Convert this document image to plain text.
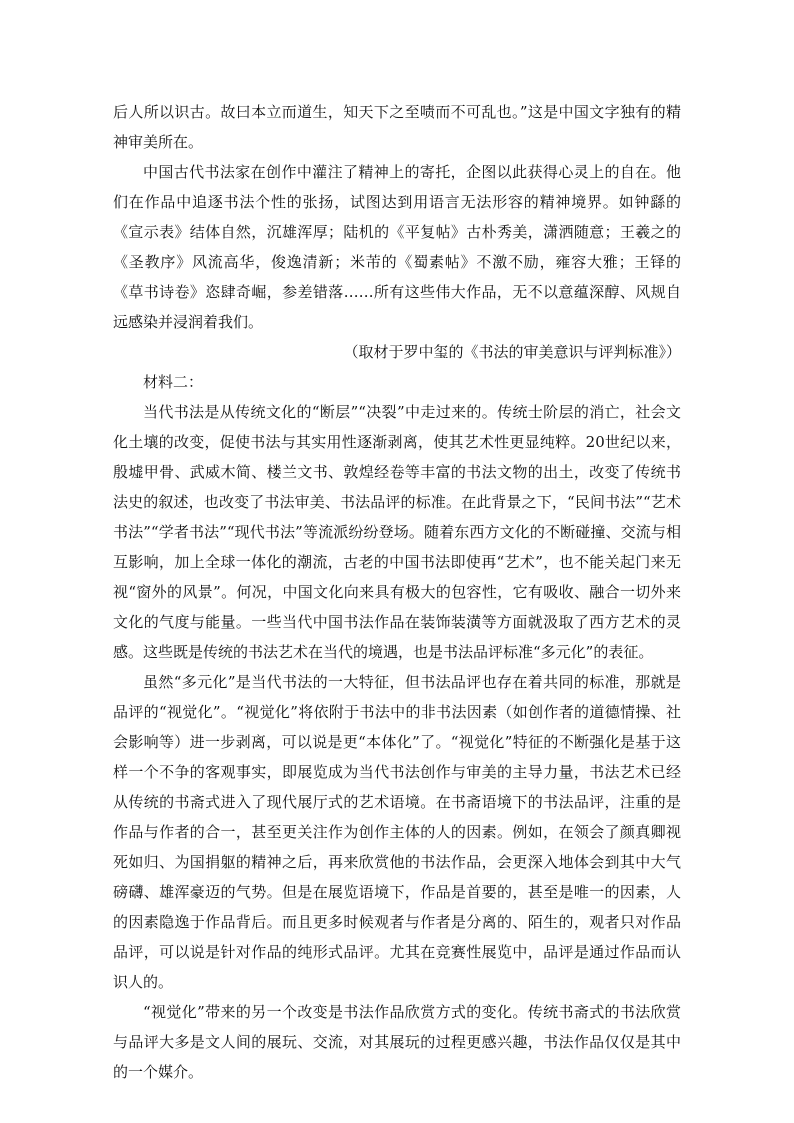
后人所以识古。故曰本立而道生，知天下之至啧而不可乱也。”这是中国文字独有的精神审美所在。

中国古代书法家在创作中灌注了精神上的寄托，企图以此获得心灵上的自在。他们在作品中追逐书法个性的张扬，试图达到用语言无法形容的精神境界。如钟繇的《宣示表》结体自然，沉雄浑厚；陆机的《平复帖》古朴秀美，潇洒随意；王羲之的《圣教序》风流高华，俊逸清新；米芾的《蜀素帖》不激不励，雍容大雅；王铎的《草书诗卷》恣肆奇崛，参差错落……所有这些伟大作品，无不以意蕴深醇、风规自远感染并浸润着我们。

（取材于罗中玺的《书法的审美意识与评判标准》）

材料二：

当代书法是从传统文化的“断层”“决裂”中走过来的。传统士阶层的消亡，社会文化土壤的改变，促使书法与其实用性逐渐剥离，使其艺术性更显纯粹。20世纪以来，殷墟甲骨、武威木简、楼兰文书、敦煌经卷等丰富的书法文物的出土，改变了传统书法史的叙述，也改变了书法审美、书法品评的标准。在此背景之下，“民间书法”“艺术书法”“学者书法”“现代书法”等流派纷纷登场。随着东西方文化的不断碰撞、交流与相互影响，加上全球一体化的潮流，古老的中国书法即使再“艺术”，也不能关起门来无视“窗外的风景”。何况，中国文化向来具有极大的包容性，它有吸收、融合一切外来文化的气度与能量。一些当代中国书法作品在装饰装潢等方面就汲取了西方艺术的灵感。这些既是传统的书法艺术在当代的境遇，也是书法品评标准“多元化”的表征。

虽然“多元化”是当代书法的一大特征，但书法品评也存在着共同的标准，那就是品评的“视觉化”。“视觉化”将依附于书法中的非书法因素（如创作者的道德情操、社会影响等）进一步剥离，可以说是更“本体化”了。“视觉化”特征的不断强化是基于这样一个不争的客观事实，即展览成为当代书法创作与审美的主导力量，书法艺术已经从传统的书斋式进入了现代展厅式的艺术语境。在书斋语境下的书法品评，注重的是作品与作者的合一，甚至更关注作为创作主体的人的因素。例如，在领会了颜真卿视死如归、为国捐躯的精神之后，再来欣赏他的书法作品，会更深入地体会到其中大气磅礴、雄浑豪迈的气势。但是在展览语境下，作品是首要的，甚至是唯一的因素，人的因素隐逸于作品背后。而且更多时候观者与作者是分离的、陌生的，观者只对作品品评，可以说是针对作品的纯形式品评。尤其在竞赛性展览中，品评是通过作品而认识人的。

“视觉化”带来的另一个改变是书法作品欣赏方式的变化。传统书斋式的书法欣赏与品评大多是文人间的展玩、交流，对其展玩的过程更感兴趣，书法作品仅仅是其中的一个媒介。
